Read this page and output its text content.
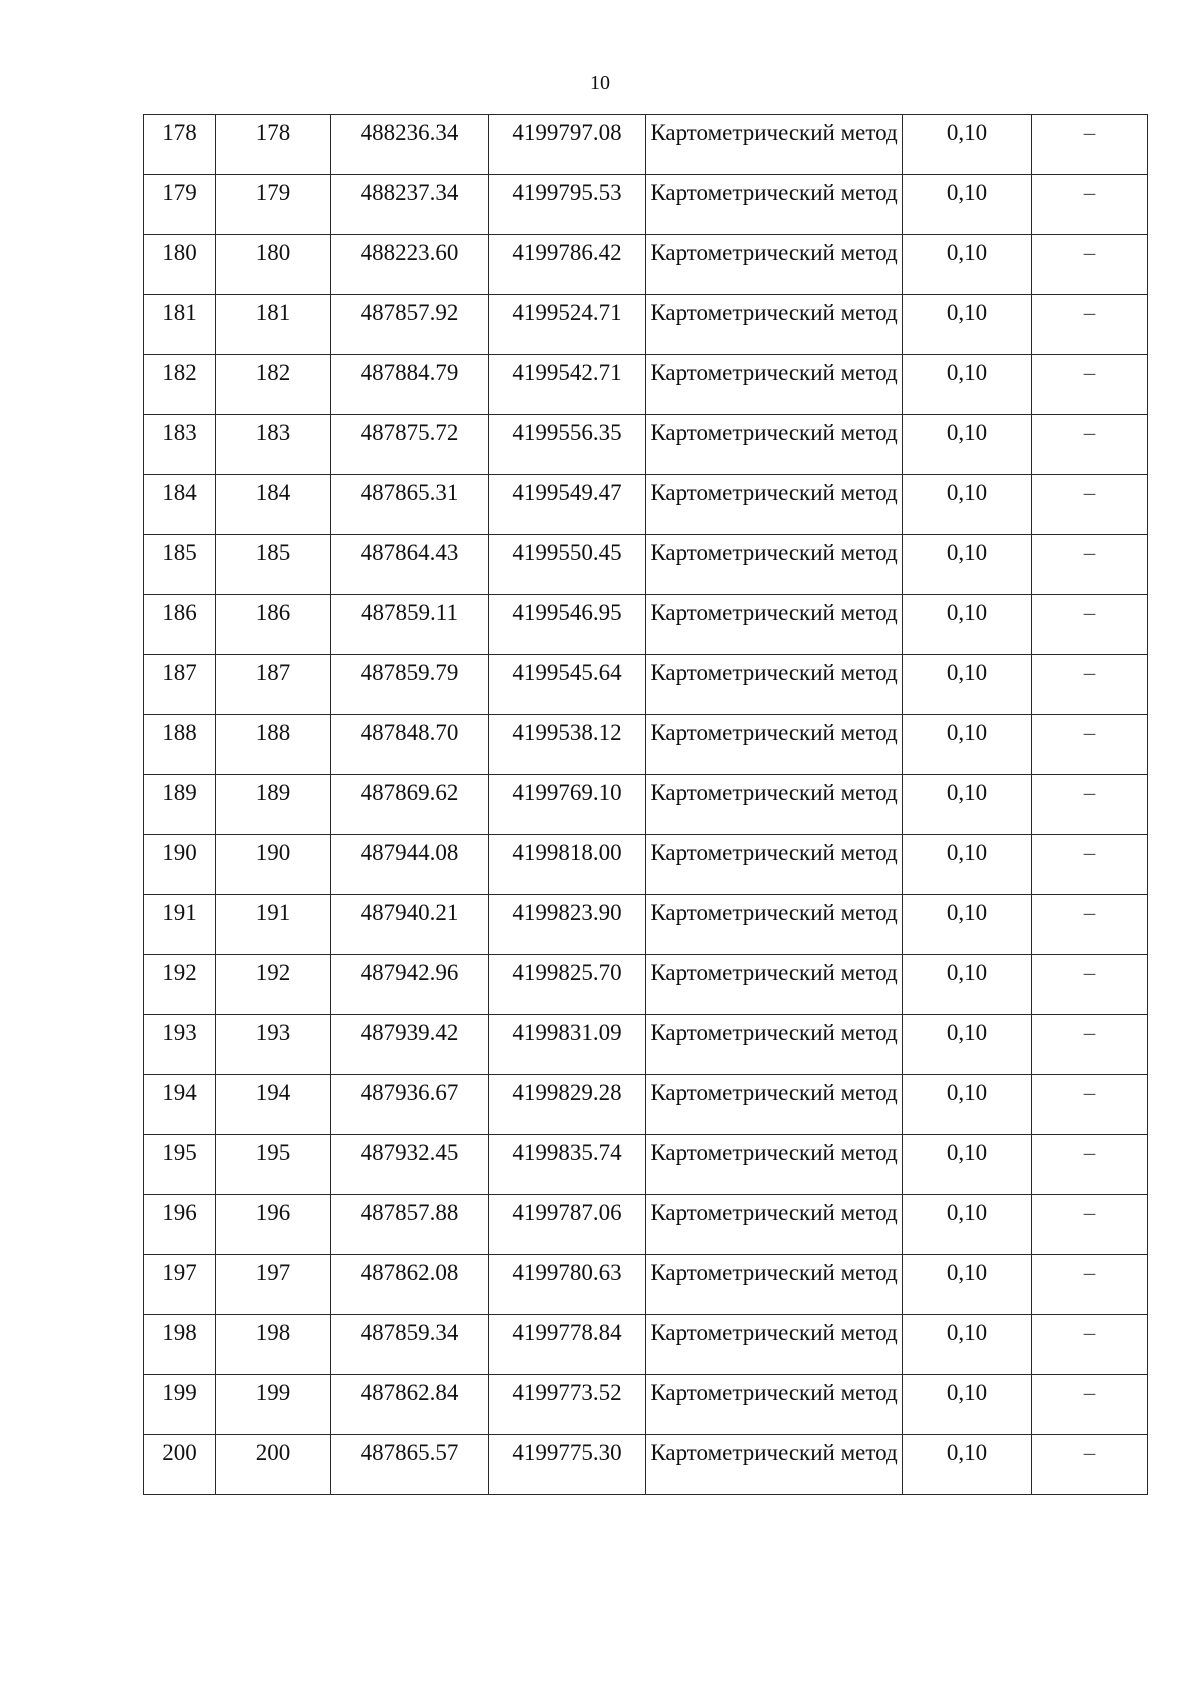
10
178	178	488236.34	4199797.08	Картометрический метод	0,10	–
179	179	488237.34	4199795.53	Картометрический метод	0,10	–
180	180	488223.60	4199786.42	Картометрический метод	0,10	–
181	181	487857.92	4199524.71	Картометрический метод	0,10	–
182	182	487884.79	4199542.71	Картометрический метод	0,10	–
183	183	487875.72	4199556.35	Картометрический метод	0,10	–
184	184	487865.31	4199549.47	Картометрический метод	0,10	–
185	185	487864.43	4199550.45	Картометрический метод	0,10	–
186	186	487859.11	4199546.95	Картометрический метод	0,10	–
187	187	487859.79	4199545.64	Картометрический метод	0,10	–
188	188	487848.70	4199538.12	Картометрический метод	0,10	–
189	189	487869.62	4199769.10	Картометрический метод	0,10	–
190	190	487944.08	4199818.00	Картометрический метод	0,10	–
191	191	487940.21	4199823.90	Картометрический метод	0,10	–
192	192	487942.96	4199825.70	Картометрический метод	0,10	–
193	193	487939.42	4199831.09	Картометрический метод	0,10	–
194	194	487936.67	4199829.28	Картометрический метод	0,10	–
195	195	487932.45	4199835.74	Картометрический метод	0,10	–
196	196	487857.88	4199787.06	Картометрический метод	0,10	–
197	197	487862.08	4199780.63	Картометрический метод	0,10	–
198	198	487859.34	4199778.84	Картометрический метод	0,10	–
199	199	487862.84	4199773.52	Картометрический метод	0,10	–
200	200	487865.57	4199775.30	Картометрический метод	0,10	–
